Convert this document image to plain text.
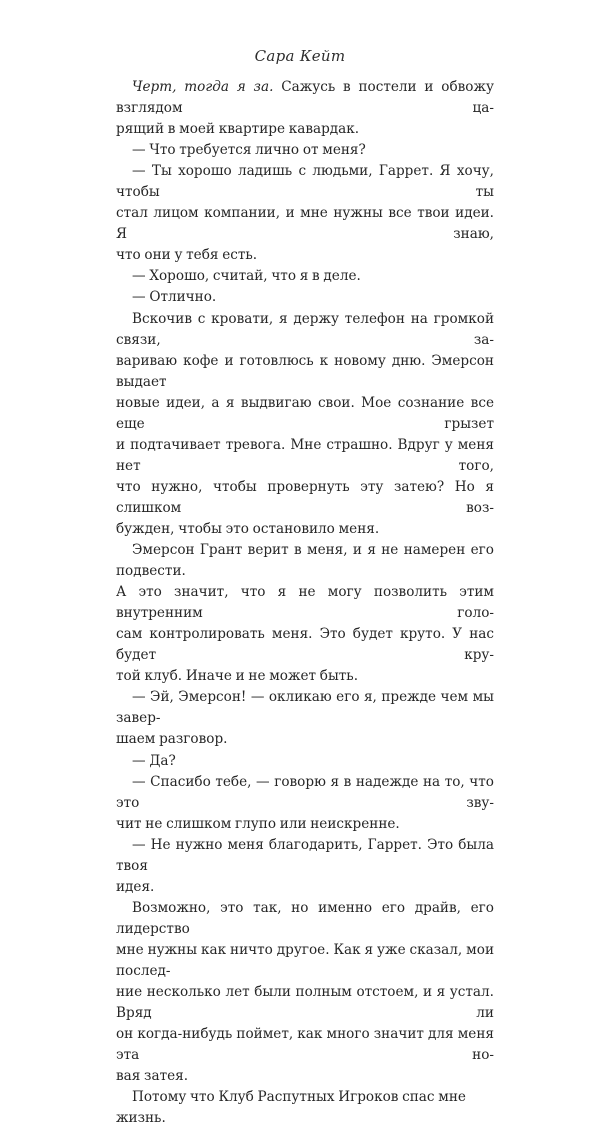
Сара Кейт

Черт, тогда я за. Сажусь в постели и обвожу взглядом ца-
рящий в моей квартире кавардак.

— Что требуется лично от меня?

— Ты хорошо ладишь с людьми, Гаррет. Я хочу, чтобы ты
стал лицом компании, и мне нужны все твои идеи. Я знаю,
что они у тебя есть.

— Хорошо, считай, что я в деле.

— Отлично.

Вскочив с кровати, я держу телефон на громкой связи, за-
вариваю кофе и готовлюсь к новому дню. Эмерсон выдает
новые идеи, а я выдвигаю свои. Мое сознание все еще грызет
и подтачивает тревога. Мне страшно. Вдруг у меня нет того,
что нужно, чтобы провернуть эту затею? Но я слишком воз-
бужден, чтобы это остановило меня.

Эмерсон Грант верит в меня, и я не намерен его подвести.
А это значит, что я не могу позволить этим внутренним голо-
сам контролировать меня. Это будет круто. У нас будет кру-
той клуб. Иначе и не может быть.

— Эй, Эмерсон! — окликаю его я, прежде чем мы завер-
шаем разговор.

— Да?

— Спасибо тебе, — говорю я в надежде на то, что это зву-
чит не слишком глупо или неискренне.

— Не нужно меня благодарить, Гаррет. Это была твоя
идея.

Возможно, это так, но именно его драйв, его лидерство
мне нужны как ничто другое. Как я уже сказал, мои послед-
ние несколько лет были полным отстоем, и я устал. Вряд ли
он когда-нибудь поймет, как много значит для меня эта но-
вая затея.

Потому что Клуб Распутных Игроков спас мне жизнь.
